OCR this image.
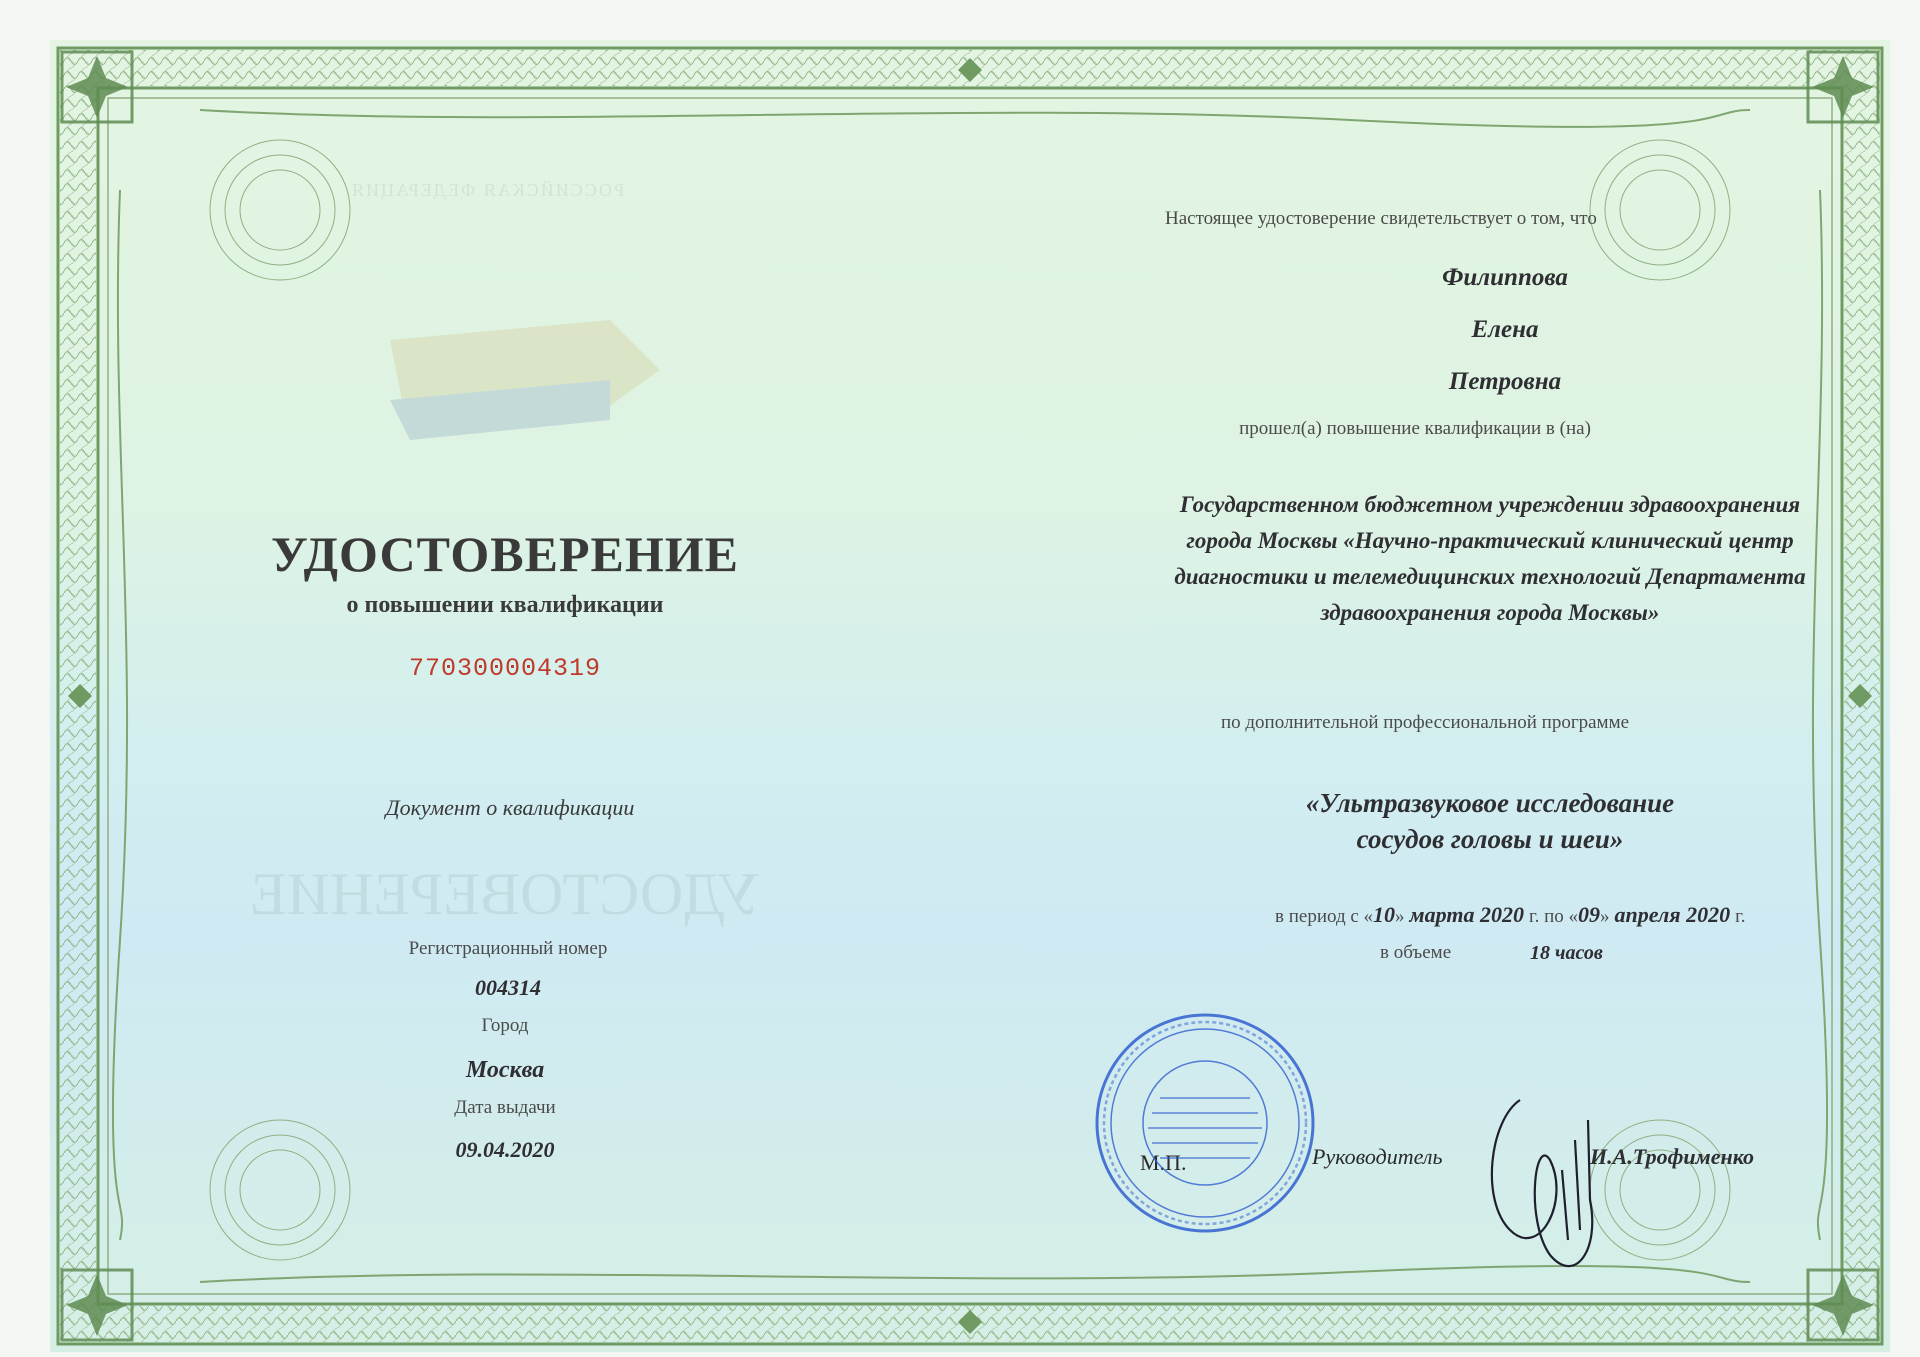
РОССИЙСКАЯ ФЕДЕРАЦИЯ
УДОСТОВЕРЕНИЕ
УДОСТОВЕРЕНИЕ
о повышении квалификации
770300004319
Документ о квалификации
Регистрационный номер
004314
Город
Москва
Дата выдачи
09.04.2020
Настоящее удостоверение свидетельствует о том, что
Филиппова
Елена
Петровна
прошел(а) повышение квалификации в (на)
Государственном бюджетном учреждении здравоохранения
города Москвы «Научно-практический клинический центр
диагностики и телемедицинских технологий Департамента
здравоохранения города Москвы»
по дополнительной профессиональной программе
«Ультразвуковое исследование
сосудов головы и шеи»
в период с «10» марта 2020 г. по «09» апреля 2020 г.
в объеме	18 часов
М.П.	Руководитель	И.А.Трофименко
